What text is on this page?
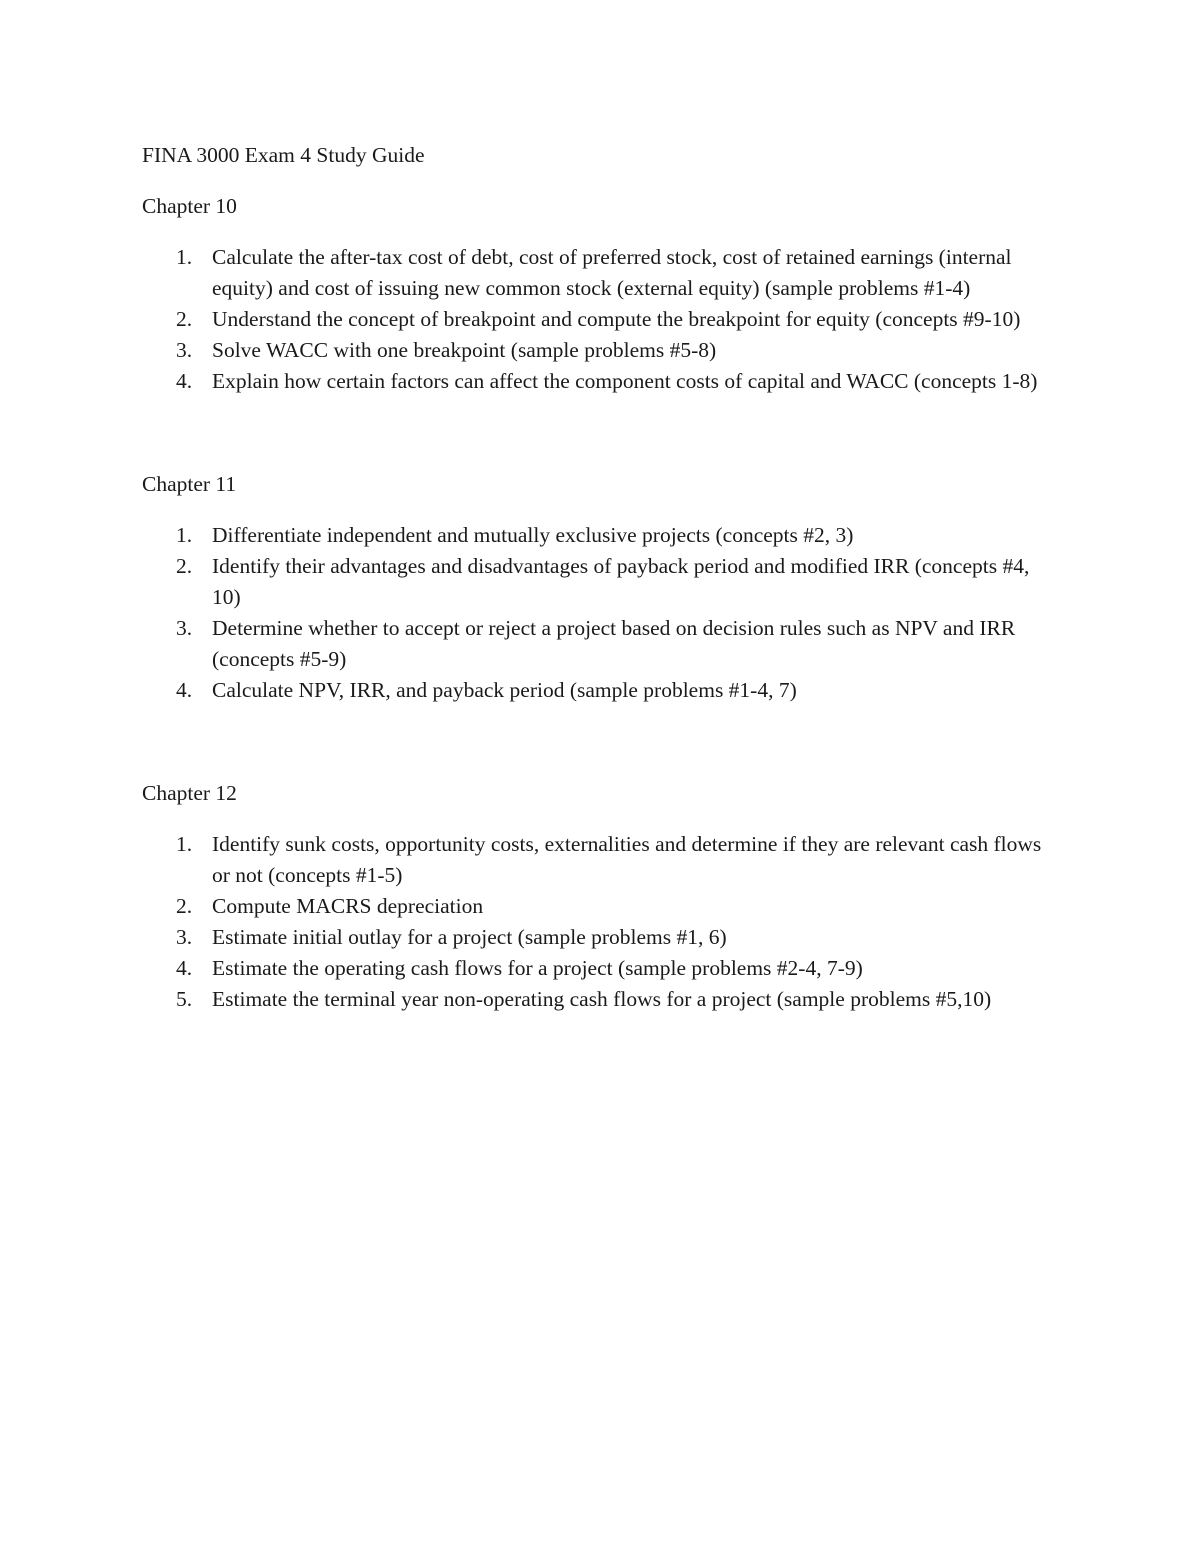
FINA 3000 Exam 4 Study Guide
Chapter 10
1. Calculate the after-tax cost of debt, cost of preferred stock, cost of retained earnings (internal equity) and cost of issuing new common stock (external equity) (sample problems #1-4)
2. Understand the concept of breakpoint and compute the breakpoint for equity (concepts #9-10)
3. Solve WACC with one breakpoint (sample problems #5-8)
4. Explain how certain factors can affect the component costs of capital and WACC (concepts 1-8)
Chapter 11
1. Differentiate independent and mutually exclusive projects (concepts #2, 3)
2. Identify their advantages and disadvantages of payback period and modified IRR (concepts #4, 10)
3. Determine whether to accept or reject a project based on decision rules such as NPV and IRR (concepts #5-9)
4. Calculate NPV, IRR, and payback period (sample problems #1-4, 7)
Chapter 12
1. Identify sunk costs, opportunity costs, externalities and determine if they are relevant cash flows or not (concepts #1-5)
2. Compute MACRS depreciation
3. Estimate initial outlay for a project (sample problems #1, 6)
4. Estimate the operating cash flows for a project (sample problems #2-4, 7-9)
5. Estimate the terminal year non-operating cash flows for a project (sample problems #5,10)
